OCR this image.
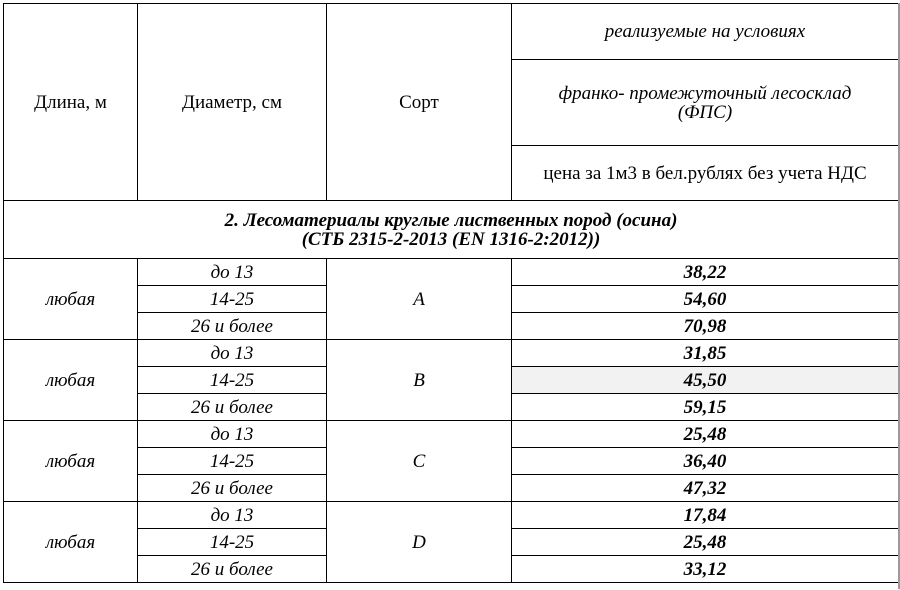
Длина, м	Диаметр, см	Сорт	реализуемые на условиях

			франко- промежуточный лесосклад
(ФПС)

			цена за 1м3 в бел.рублях без учета НДС

2. Лесоматериалы круглые лиственных пород (осина)
(СТБ 2315-2-2013 (EN 1316-2:2012))			

любая	до 13	A	38,22
	14-25		54,60
	26 и более		70,98
любая	до 13	B	31,85
	14-25		45,50
	26 и более		59,15
любая	до 13	C	25,48
	14-25		36,40
	26 и более		47,32
любая	до 13	D	17,84
	14-25		25,48
	26 и более		33,12
